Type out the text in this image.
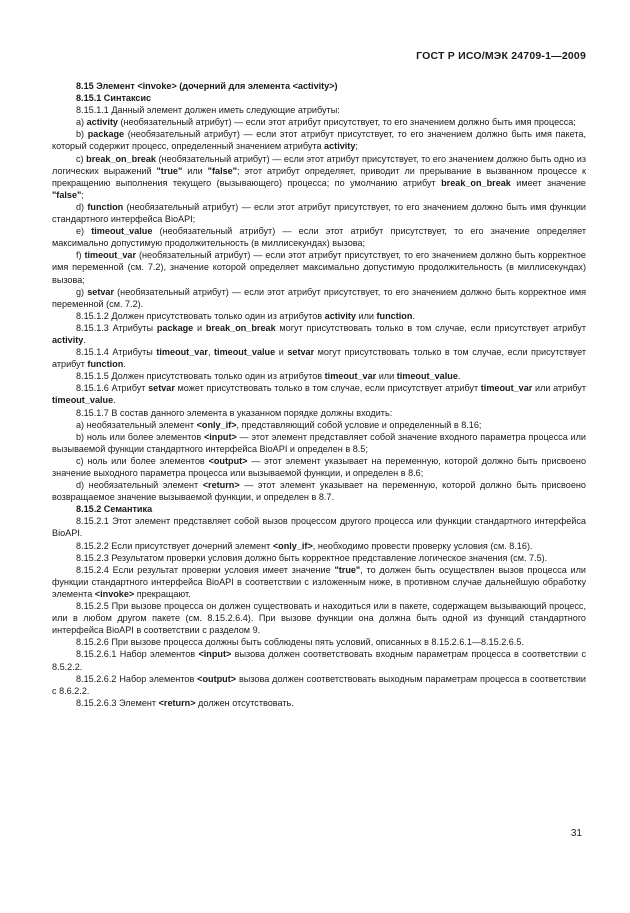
ГОСТ Р ИСО/МЭК 24709-1—2009

8.15 Элемент <invoke> (дочерний для элемента <activity>)

8.15.1 Синтаксис

8.15.1.1 Данный элемент должен иметь следующие атрибуты:

a) activity (необязательный атрибут) — если этот атрибут присутствует, то его значением должно быть имя процесса;

b) package (необязательный атрибут) — если этот атрибут присутствует, то его значением должно быть имя пакета, который содержит процесс, определенный значением атрибута activity;

c) break_on_break (необязательный атрибут) — если этот атрибут присутствует, то его значением должно быть одно из логических выражений "true" или "false"; этот атрибут определяет, приводит ли прерывание в вызванном процессе к прекращению выполнения текущего (вызывающего) процесса; по умолчанию атрибут break_on_break имеет значение "false";

d) function (необязательный атрибут) — если этот атрибут присутствует, то его значением должно быть имя функции стандартного интерфейса BioAPI;

e) timeout_value (необязательный атрибут) — если этот атрибут присутствует, то его значение определяет максимально допустимую продолжительность (в миллисекундах) вызова;

f) timeout_var (необязательный атрибут) — если этот атрибут присутствует, то его значением должно быть корректное имя переменной (см. 7.2), значение которой определяет максимально допустимую продолжительность (в миллисекундах) вызова;

g) setvar (необязательный атрибут) — если этот атрибут присутствует, то его значением должно быть корректное имя переменной (см. 7.2).

8.15.1.2 Должен присутствовать только один из атрибутов activity или function.

8.15.1.3 Атрибуты package и break_on_break могут присутствовать только в том случае, если присутствует атрибут activity.

8.15.1.4 Атрибуты timeout_var, timeout_value и setvar могут присутствовать только в том случае, если присутствует атрибут function.

8.15.1.5 Должен присутствовать только один из атрибутов timeout_var или timeout_value.

8.15.1.6 Атрибут setvar может присутствовать только в том случае, если присутствует атрибут timeout_var или атрибут timeout_value.

8.15.1.7 В состав данного элемента в указанном порядке должны входить:

a) необязательный элемент <only_if>, представляющий собой условие и определенный в 8.16;

b) ноль или более элементов <input> — этот элемент представляет собой значение входного параметра процесса или вызываемой функции стандартного интерфейса BioAPI и определен в 8.5;

c) ноль или более элементов <output> — этот элемент указывает на переменную, которой должно быть присвоено значение выходного параметра процесса или вызываемой функции, и определен в 8.6;

d) необязательный элемент <return> — этот элемент указывает на переменную, которой должно быть присвоено возвращаемое значение вызываемой функции, и определен в 8.7.

8.15.2 Семантика

8.15.2.1 Этот элемент представляет собой вызов процессом другого процесса или функции стандартного интерфейса BioAPI.

8.15.2.2 Если присутствует дочерний элемент <only_if>, необходимо провести проверку условия (см. 8.16).

8.15.2.3 Результатом проверки условия должно быть корректное представление логическое значения (см. 7.5).

8.15.2.4 Если результат проверки условия имеет значение "true", то должен быть осуществлен вызов процесса или функции стандартного интерфейса BioAPI в соответствии с изложенным ниже, в противном случае дальнейшую обработку элемента <invoke> прекращают.

8.15.2.5 При вызове процесса он должен существовать и находиться или в пакете, содержащем вызывающий процесс, или в любом другом пакете (см. 8.15.2.6.4). При вызове функции она должна быть одной из функций стандартного интерфейса BioAPI в соответствии с разделом 9.

8.15.2.6 При вызове процесса должны быть соблюдены пять условий, описанных в 8.15.2.6.1—8.15.2.6.5.

8.15.2.6.1 Набор элементов <input> вызова должен соответствовать входным параметрам процесса в соответствии с 8.5.2.2.

8.15.2.6.2 Набор элементов <output> вызова должен соответствовать выходным параметрам процесса в соответствии с 8.6.2.2.

8.15.2.6.3 Элемент <return> должен отсутствовать.

31
